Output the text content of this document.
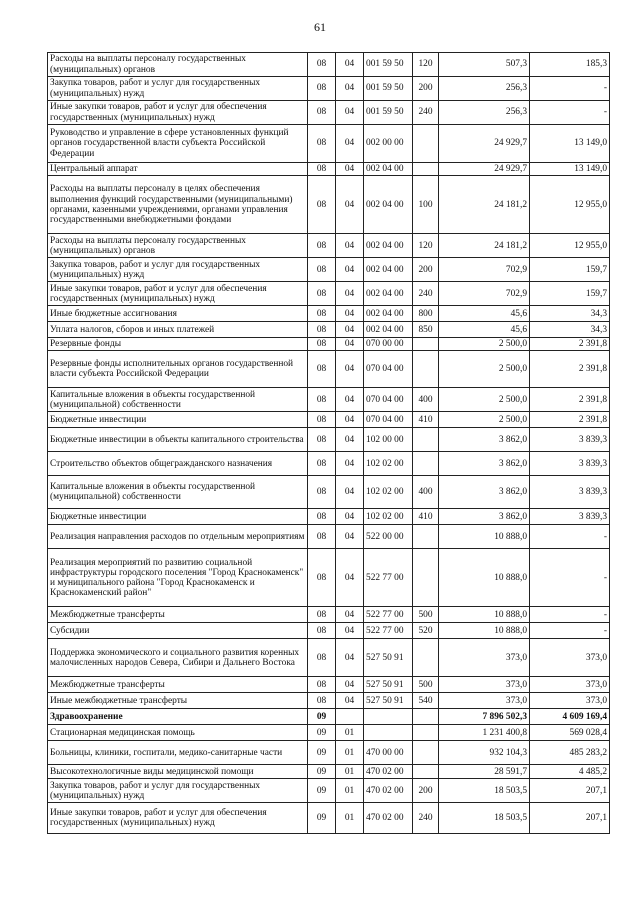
61
Расходы на выплаты персоналу государственных (муниципальных) органов	08	04	001 59 50	120	507,3	185,3
Закупка товаров, работ и услуг для государственных (муниципальных) нужд	08	04	001 59 50	200	256,3	-
Иные закупки товаров, работ и услуг для обеспечения государственных (муниципальных) нужд	08	04	001 59 50	240	256,3	-
Руководство и управление в сфере установленных функций органов государственной власти субъекта Российской Федерации	08	04	002 00 00		24 929,7	13 149,0
Центральный аппарат	08	04	002 04 00		24 929,7	13 149,0
Расходы на выплаты персоналу в целях обеспечения выполнения функций государственными (муниципальными) органами, казенными учреждениями, органами управления государственными внебюджетными фондами	08	04	002 04 00	100	24 181,2	12 955,0
Расходы на выплаты персоналу государственных (муниципальных) органов	08	04	002 04 00	120	24 181,2	12 955,0
Закупка товаров, работ и услуг для государственных (муниципальных) нужд	08	04	002 04 00	200	702,9	159,7
Иные закупки товаров, работ и услуг для обеспечения государственных (муниципальных) нужд	08	04	002 04 00	240	702,9	159,7
Иные бюджетные ассигнования	08	04	002 04 00	800	45,6	34,3
Уплата налогов, сборов и иных платежей	08	04	002 04 00	850	45,6	34,3
Резервные фонды	08	04	070 00 00		2 500,0	2 391,8
Резервные фонды исполнительных органов государственной власти субъекта Российской Федерации	08	04	070 04 00		2 500,0	2 391,8
Капитальные вложения в объекты государственной (муниципальной) собственности	08	04	070 04 00	400	2 500,0	2 391,8
Бюджетные инвестиции	08	04	070 04 00	410	2 500,0	2 391,8
Бюджетные инвестиции в объекты капитального строительства	08	04	102 00 00		3 862,0	3 839,3
Строительство объектов общегражданского назначения	08	04	102 02 00		3 862,0	3 839,3
Капитальные вложения в объекты государственной (муниципальной) собственности	08	04	102 02 00	400	3 862,0	3 839,3
Бюджетные инвестиции	08	04	102 02 00	410	3 862,0	3 839,3
Реализация направления расходов по отдельным мероприятиям	08	04	522 00 00		10 888,0	-
Реализация мероприятий по развитию социальной инфраструктуры городского поселения "Город Краснокаменск" и муниципального района "Город Краснокаменск и Краснокаменский район"	08	04	522 77 00		10 888,0	-
Межбюджетные трансферты	08	04	522 77 00	500	10 888,0	-
Субсидии	08	04	522 77 00	520	10 888,0	-
Поддержка экономического и социального развития коренных малочисленных народов Севера, Сибири и Дальнего Востока	08	04	527 50 91		373,0	373,0
Межбюджетные трансферты	08	04	527 50 91	500	373,0	373,0
Иные межбюджетные трансферты	08	04	527 50 91	540	373,0	373,0
Здравоохранение	09				7 896 502,3	4 609 169,4
Стационарная медицинская помощь	09	01			1 231 400,8	569 028,4
Больницы, клиники, госпитали, медико-санитарные части	09	01	470 00 00		932 104,3	485 283,2
Высокотехнологичные виды медицинской помощи	09	01	470 02 00		28 591,7	4 485,2
Закупка товаров, работ и услуг для государственных (муниципальных) нужд	09	01	470 02 00	200	18 503,5	207,1
Иные закупки товаров, работ и услуг для обеспечения государственных (муниципальных) нужд	09	01	470 02 00	240	18 503,5	207,1
